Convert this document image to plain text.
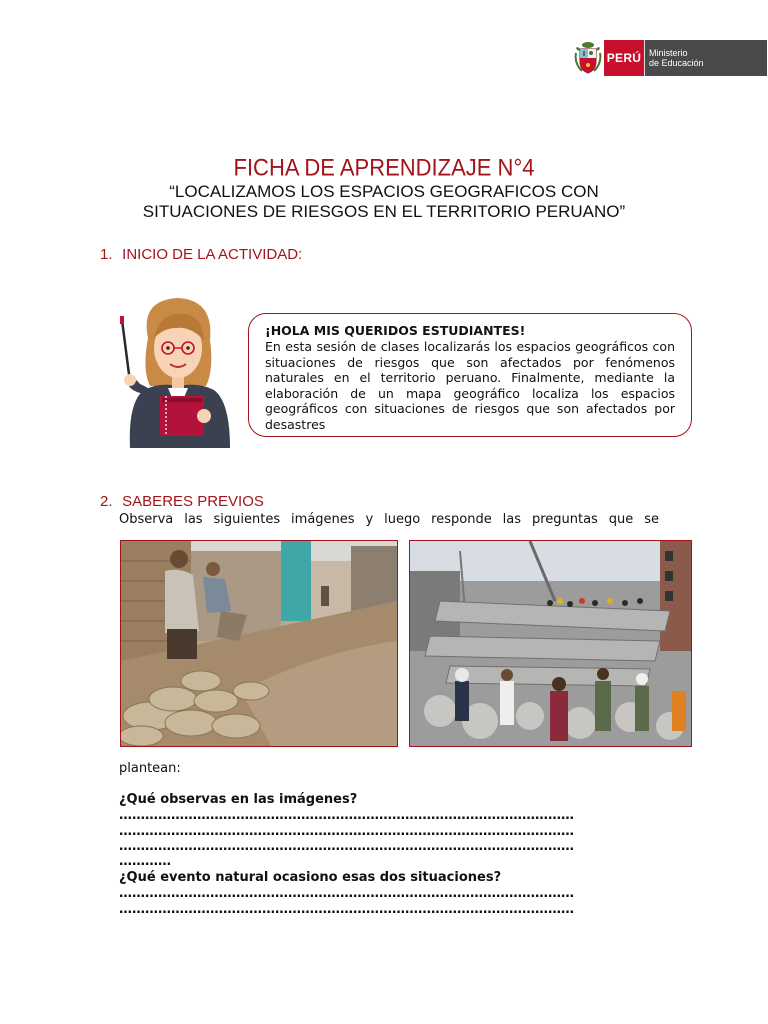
PERÚ Ministerio
de Educación
FICHA DE APRENDIZAJE N°4
“LOCALIZAMOS LOS ESPACIOS GEOGRAFICOS CON
SITUACIONES DE RIESGOS EN EL TERRITORIO PERUANO”
1. INICIO DE LA ACTIVIDAD:
¡HOLA MIS QUERIDOS ESTUDIANTES!
En esta sesión de clases localizarás los espacios geográficos con situaciones de riesgos que son afectados por fenómenos naturales en el territorio peruano. Finalmente, mediante la elaboración de un mapa geográfico localiza los espacios geográficos con situaciones de riesgos que son afectados por desastres
2. SABERES PREVIOS
Observa las siguientes imágenes y luego responde las preguntas que se
plantean:
¿Qué observas en las imágenes?
……………………………………………………………………………………………
……………………………………………………………………………………………
……………………………………………………………………………………………
…………
¿Qué evento natural ocasiono esas dos situaciones?
……………………………………………………………………………………………
……………………………………………………………………………………………
